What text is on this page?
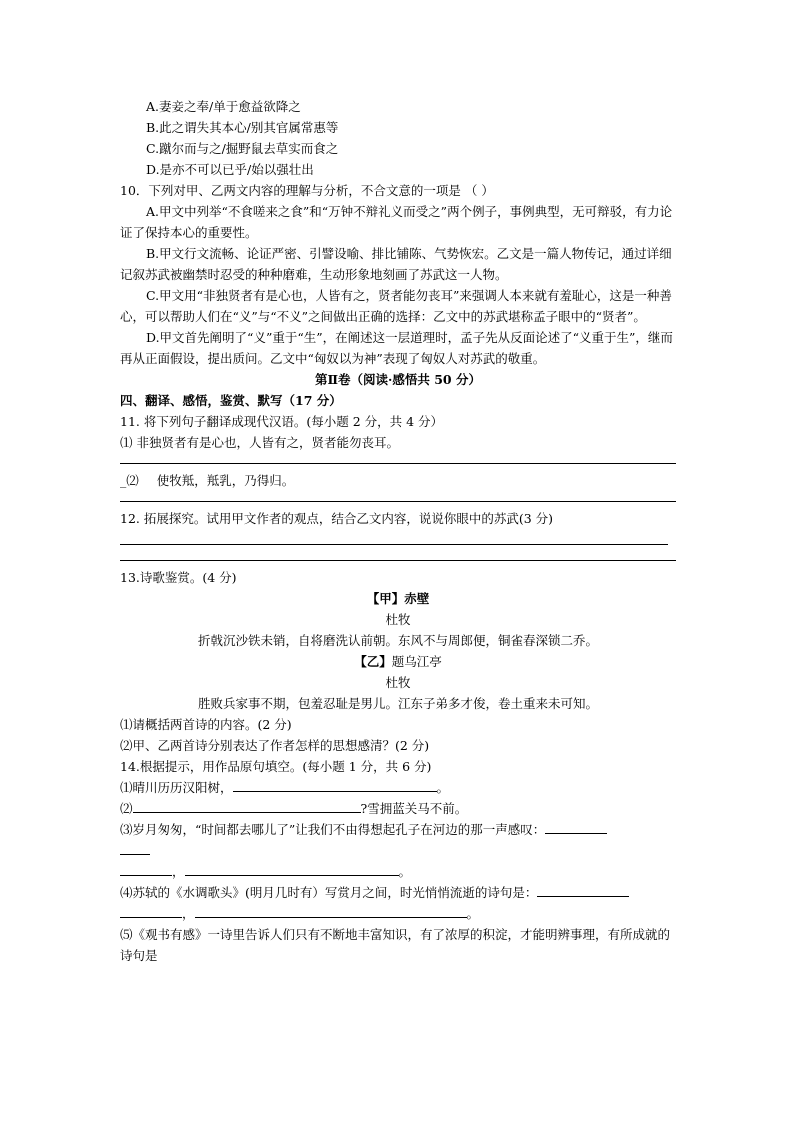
A.妻妾之奉/单于愈益欲降之
B.此之谓失其本心/别其官属常惠等
C.蹴尔而与之/掘野鼠去草实而食之
D.是亦不可以已乎/始以强壮出
10．下列对甲、乙两文内容的理解与分析，不合文意的一项是 （ ）
A.甲文中列举“不食嗟来之食”和“万钟不辩礼义而受之”两个例子，事例典型，无可辩驳，有力论证了保持本心的重要性。
B.甲文行文流畅、论证严密、引譬设喻、排比铺陈、气势恢宏。乙文是一篇人物传记，通过详细记叙苏武被幽禁时忍受的种种磨难，生动形象地刻画了苏武这一人物。
C.甲文用“非独贤者有是心也，人皆有之，贤者能勿丧耳”来强调人本来就有羞耻心，这是一种善心，可以帮助人们在“义”与“不义”之间做出正确的选择：乙文中的苏武堪称孟子眼中的“贤者”。
D.甲文首先阐明了“义”重于“生”，在阐述这一层道理时，孟子先从反面论述了“义重于生”，继而再从正面假设，提出质问。乙文中“匈奴以为神”表现了匈奴人对苏武的敬重。
第Ⅱ卷（阅读·感悟共 50 分）
四、翻译、感悟，鉴赏、默写（17 分）
11. 将下列句子翻译成现代汉语。(每小题 2 分，共 4 分）
⑴ 非独贤者有是心也，人皆有之，贤者能勿丧耳。
_⑵ 使牧羝，羝乳，乃得归。
12. 拓展探究。试用甲文作者的观点，结合乙文内容，说说你眼中的苏武(3 分)
13.诗歌鉴赏。(4 分)
【甲】赤壁
杜牧
折戟沉沙铁未销，自将磨洗认前朝。东风不与周郎便，铜雀春深锁二乔。
【乙】题乌江亭
杜牧
胜败兵家事不期，包羞忍耻是男儿。江东子弟多才俊，卷土重来未可知。
⑴请概括两首诗的内容。(2 分)
⑵甲、乙两首诗分别表达了作者怎样的思想感清？(2 分)
14.根据提示，用作品原句填空。(每小题 1 分，共 6 分)
⑴晴川历历汉阳树，	。
⑵	?雪拥蓝关马不前。
⑶岁月匆匆，“时间都去哪儿了”让我们不由得想起孔子在河边的那一声感叹：
，	。
⑷苏轼的《水调歌头》(明月几时有）写赏月之间，时光悄悄流逝的诗句是：
，	。
⑸《观书有感》一诗里告诉人们只有不断地丰富知识，有了浓厚的积淀，才能明辨事理，有所成就的诗句是
